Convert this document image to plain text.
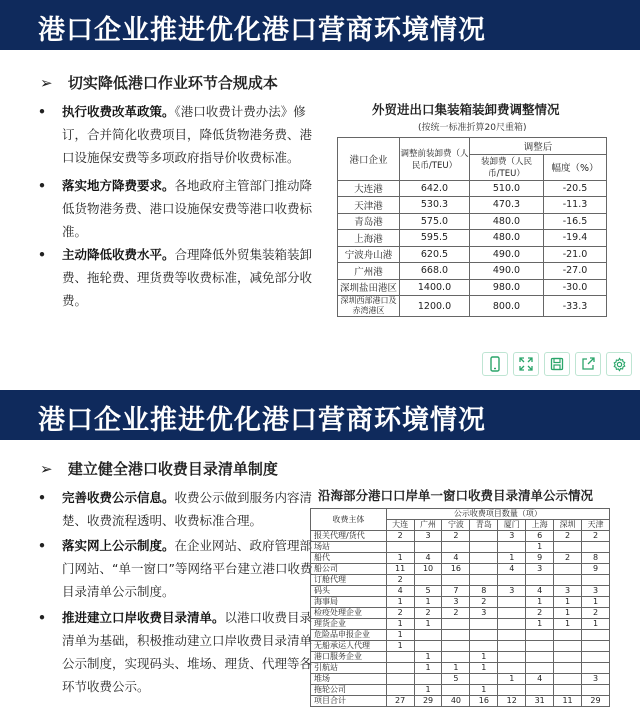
港口企业推进优化港口营商环境情况
➢ 切实降低港口作业环节合规成本
• 执行收费改革政策。《港口收费计费办法》修订，合并简化收费项目，降低货物港务费、港口设施保安费等多项政府指导价收费标准。
• 落实地方降费要求。各地政府主管部门推动降低货物港务费、港口设施保安费等港口收费标准。
• 主动降低收费水平。合理降低外贸集装箱装卸费、拖轮费、理货费等收费标准，减免部分收费。
外贸进出口集装箱装卸费调整情况
(按统一标准折算20尺重箱)
港口企业	调整前装卸费（人民币/TEU）	调整后	
		装卸费（人民币/TEU）	幅度（%）
大连港	642.0	510.0	-20.5
天津港	530.3	470.3	-11.3
青岛港	575.0	480.0	-16.5
上海港	595.5	480.0	-19.4
宁波舟山港	620.5	490.0	-21.0
广州港	668.0	490.0	-27.0
深圳盐田港区	1400.0	980.0	-30.0
深圳西部港口及赤湾港区	1200.0	800.0	-33.3
港口企业推进优化港口营商环境情况
➢ 建立健全港口收费目录清单制度
• 完善收费公示信息。收费公示做到服务内容清楚、收费流程透明、收费标准合理。
• 落实网上公示制度。在企业网站、政府管理部门网站、“单一窗口”等网络平台建立港口收费目录清单公示制度。
• 推进建立口岸收费目录清单。以港口收费目录清单为基础，积极推动建立口岸收费目录清单公示制度，实现码头、堆场、理货、代理等各环节收费公示。
沿海部分港口口岸单一窗口收费目录清单公示情况
收费主体	公示收费项目数量（项）							
	大连	广州	宁波	青岛	厦门	上海	深圳	天津
报关代理/货代	2	3	2		3	6	2	2
场站						1		
船代	1	4	4		1	9	2	8
船公司	11	10	16		4	3		9
订舱代理	2							
码头	4	5	7	8	3	4	3	3
海事局	1	1	3	2		1	1	1
检疫处理企业	2	2	2	3		2	1	2
理货企业	1	1				1	1	1
危险品申报企业	1							
无船承运人代理	1							
港口服务企业		1		1				
引航站		1	1	1				
堆场			5		1	4		3
拖轮公司		1		1				
项目合计	27	29	40	16	12	31	11	29
